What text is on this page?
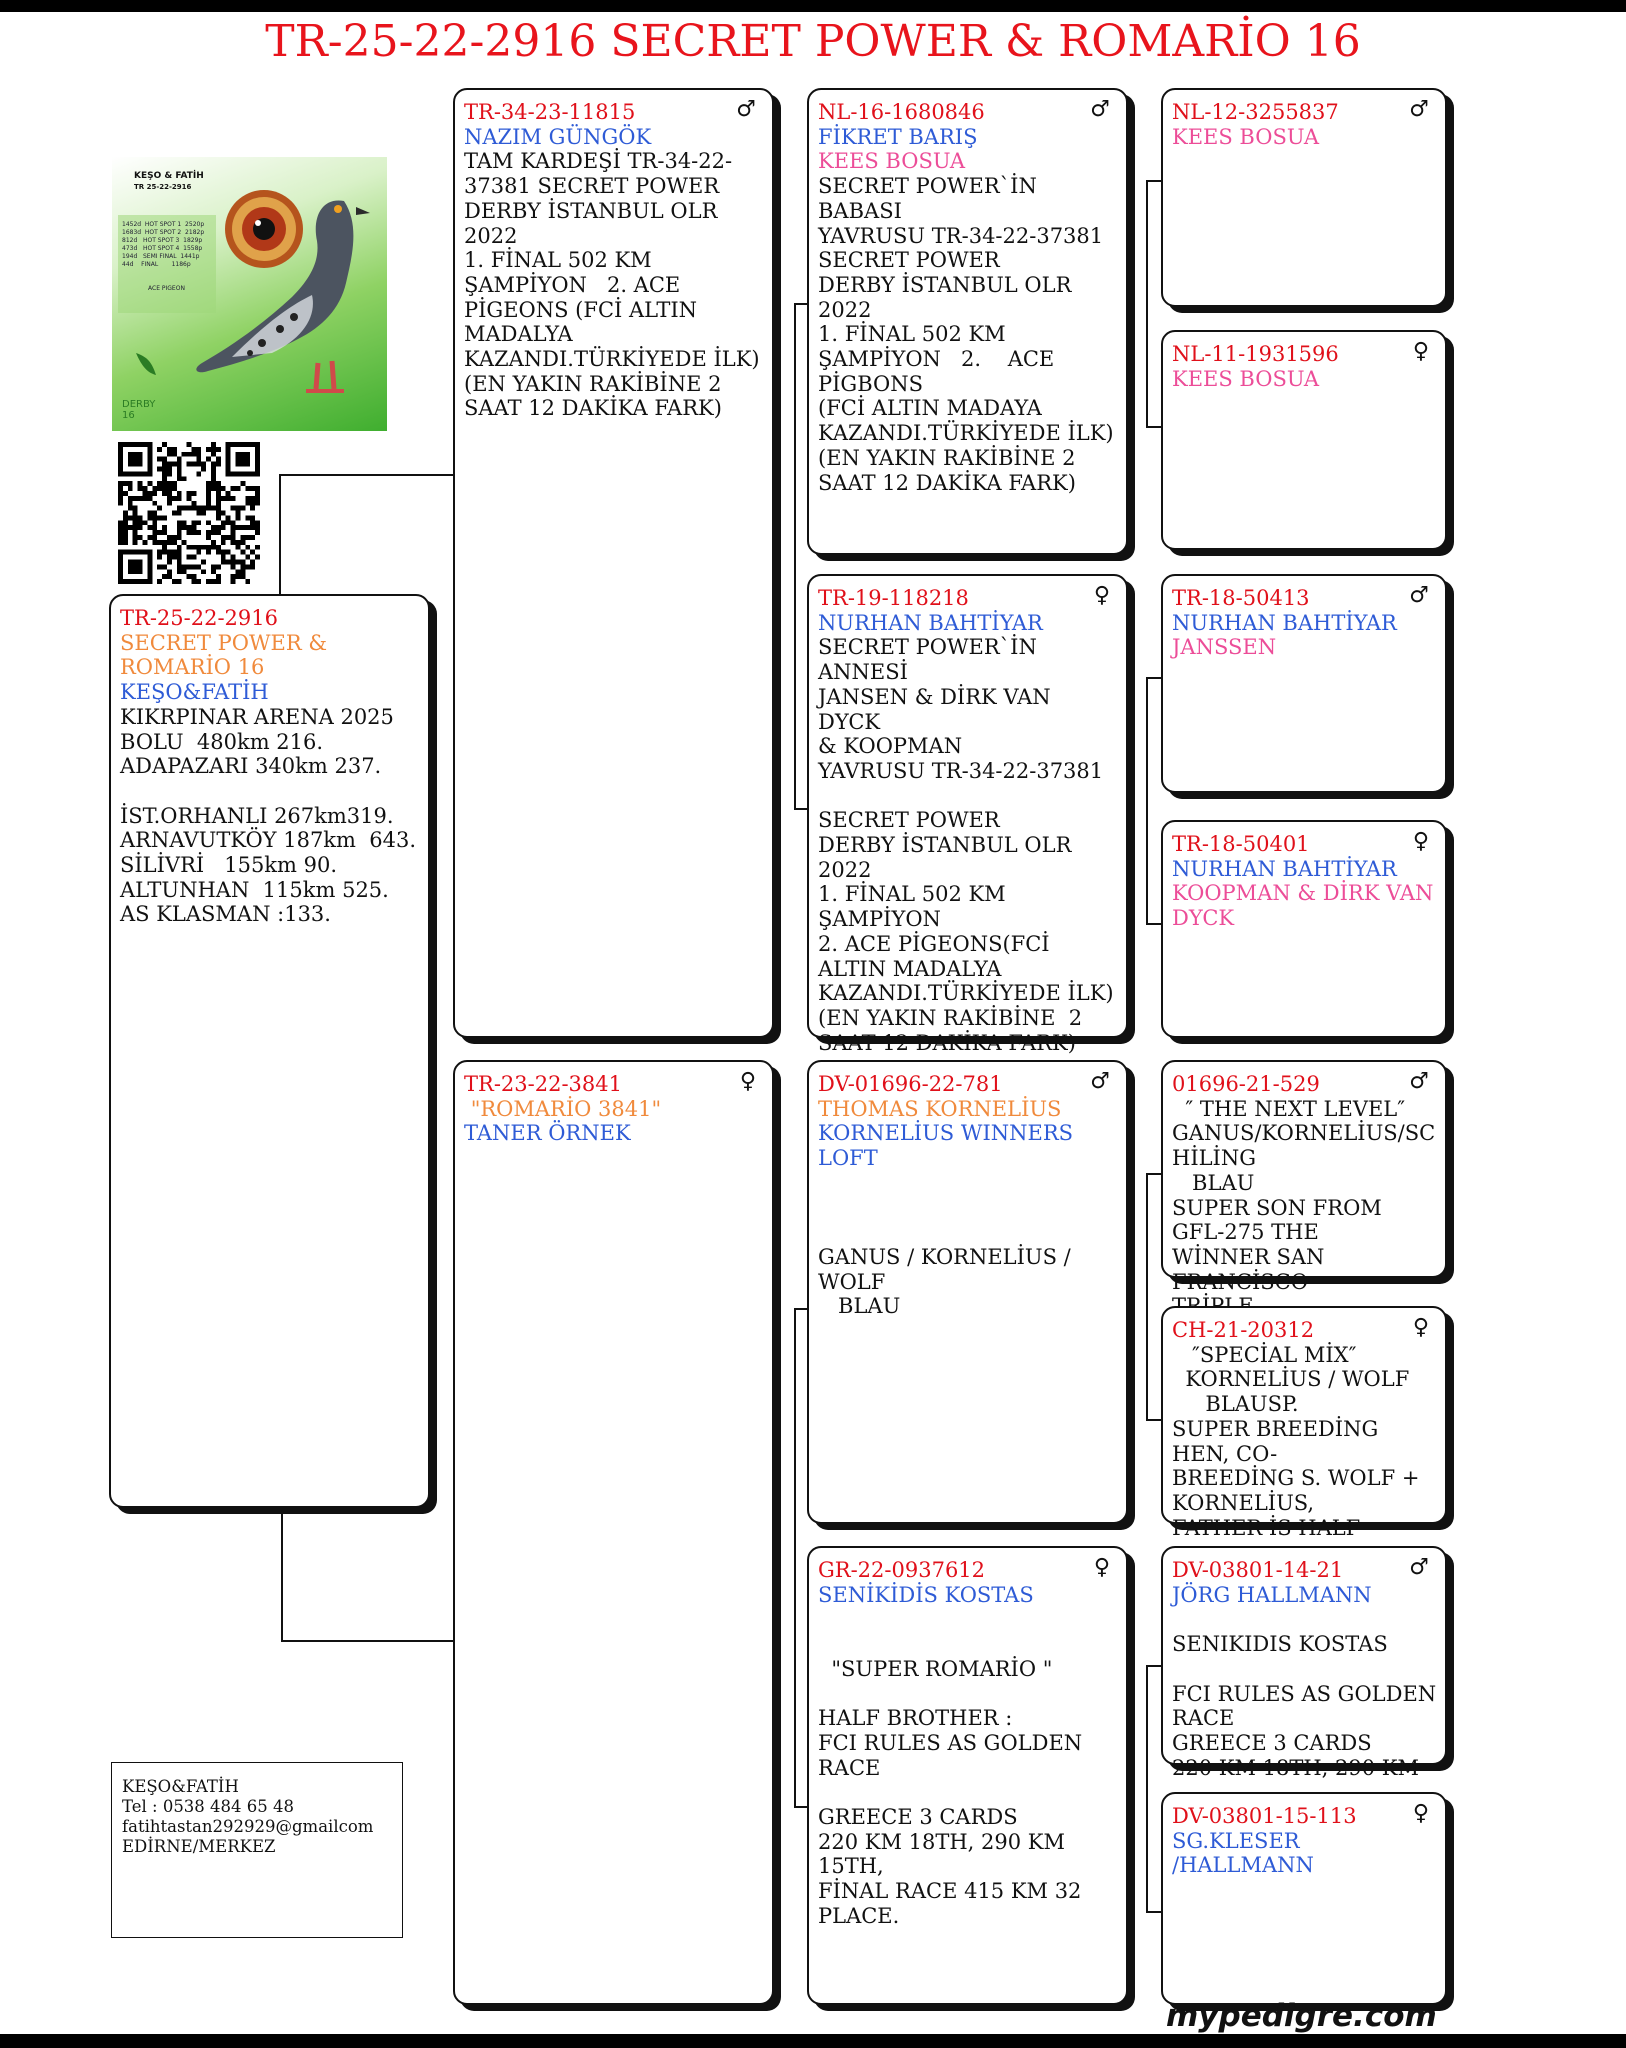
TR-25-22-2916 SECRET POWER & ROMARİO 16
KEŞO & FATİH
TR 25-22-2916
1452d  HOT SPOT 1  2520p
1683d  HOT SPOT 2  2182p
812d   HOT SPOT 3  1829p
473d   HOT SPOT 4  1558p
194d   SEMI FINAL  1441p
44d    FINAL       1186p
ACE PIGEON
DERBY 16
TR-25-22-2916
SECRET POWER & ROMARİO 16
KEŞO&FATİH
KIKRPINAR ARENA 2025
BOLU  480km 216.
ADAPAZARI 340km 237.

İST.ORHANLI 267km319.
ARNAVUTKÖY 187km  643.
SİLİVRİ   155km 90.
ALTUNHAN  115km 525.
AS KLASMAN :133.
♂
TR-34-23-11815
NAZIM GÜNGÖK
TAM KARDEŞİ TR-34-22-37381 SECRET POWER
DERBY İSTANBUL OLR 2022
1. FİNAL 502 KM
ŞAMPİYON   2. ACE PİGEONS (FCİ ALTIN MADALYA
KAZANDI.TÜRKİYEDE İLK)
(EN YAKIN RAKİBİNE 2 SAAT 12 DAKİKA FARK)
♀
TR-23-22-3841
"ROMARİO 3841"
TANER ÖRNEK
♂
NL-16-1680846
FİKRET BARIŞ
KEES BOSUA
SECRET POWER`İN BABASI
YAVRUSU TR-34-22-37381
SECRET POWER
DERBY İSTANBUL OLR 2022
1. FİNAL 502 KM
ŞAMPİYON   2.    ACE
PİGBONS
(FCİ ALTIN MADAYA
KAZANDI.TÜRKİYEDE İLK)
(EN YAKIN RAKİBİNE 2
SAAT 12 DAKİKA FARK)
♀
TR-19-118218
NURHAN BAHTİYAR
SECRET POWER`İN ANNESİ
JANSEN & DİRK VAN DYCK
& KOOPMAN
YAVRUSU TR-34-22-37381

SECRET POWER
DERBY İSTANBUL OLR 2022
1. FİNAL 502 KM
ŞAMPİYON
2. ACE PİGEONS(FCİ
ALTIN MADALYA
KAZANDI.TÜRKİYEDE İLK)
(EN YAKIN RAKİBİNE  2
SAAT 12 DAKİKA FARK)
♂
DV-01696-22-781
THOMAS KORNELİUS
KORNELİUS WINNERS LOFT

GANUS / KORNELİUS /
WOLF
BLAU
♀
GR-22-0937612
SENİKİDİS KOSTAS

"SUPER ROMARİO "

HALF BROTHER :
FCI RULES AS GOLDEN
RACE

GREECE 3 CARDS
220 KM 18TH, 290 KM
15TH,
FİNAL RACE 415 KM 32
PLACE.
♂
NL-12-3255837
KEES BOSUA
♀
NL-11-1931596
KEES BOSUA
♂
TR-18-50413
NURHAN BAHTİYAR
JANSSEN
♀
TR-18-50401
NURHAN BAHTİYAR
KOOPMAN & DİRK VAN DYCK
♂
01696-21-529
″ THE NEXT LEVEL″
GANUS/KORNELİUS/SCHİLİNG
BLAU
SUPER SON FROM GFL-275 THE
WİNNER SAN FRANCİSCO
♀
CH-21-20312
″SPECİAL MİX″
KORNELİUS / WOLF
BLAUSP.
SUPER BREEDİNG HEN, CO-
BREEDİNG S. WOLF +
KORNELİUS,
FATHER İS HALF
♂
DV-03801-14-21
JÖRG HALLMANN

SENIKIDIS KOSTAS

FCI RULES AS GOLDEN
RACE
GREECE 3 CARDS
220 KM 18TH, 290 KM
♀
DV-03801-15-113
SG.KLESER /HALLMANN
KEŞO&FATİH
Tel : 0538 484 65 48
fatihtastan292929@gmailcom
EDİRNE/MERKEZ
mypedigre.com
